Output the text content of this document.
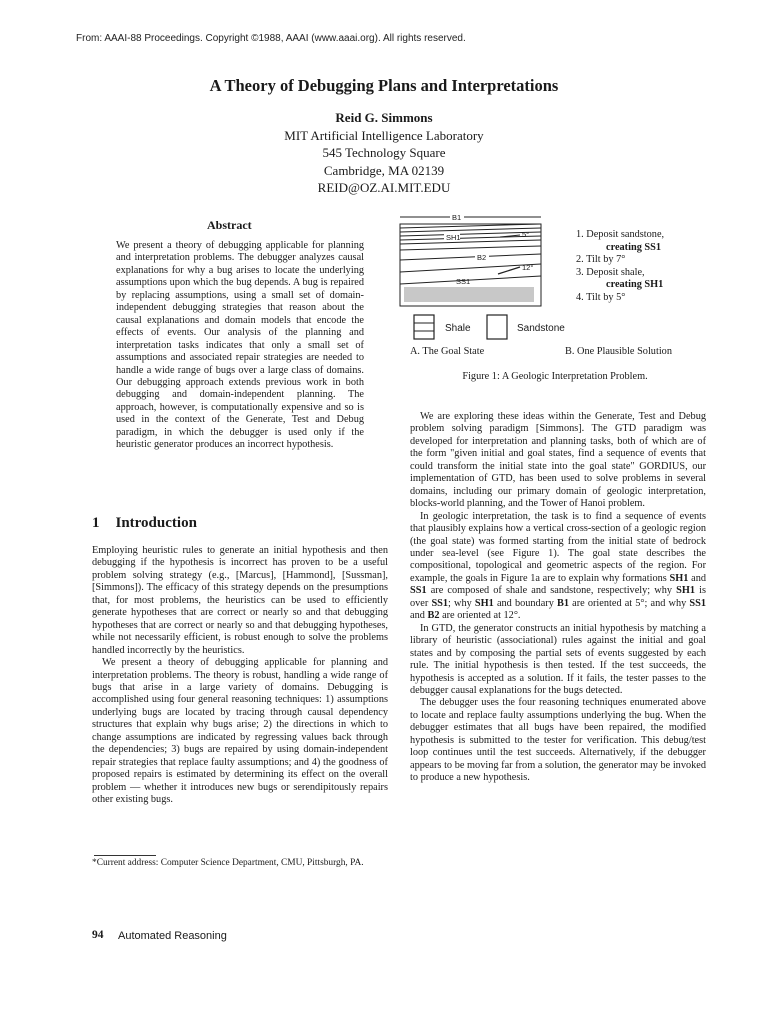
From: AAAI-88 Proceedings. Copyright ©1988, AAAI (www.aaai.org). All rights reserved.
A Theory of Debugging Plans and Interpretations
Reid G. Simmons
MIT Artificial Intelligence Laboratory
545 Technology Square
Cambridge, MA 02139
REID@OZ.AI.MIT.EDU
Abstract

We present a theory of debugging applicable for planning and interpretation problems. The debugger analyzes causal explanations for why a bug arises to locate the underlying assumptions upon which the bug depends. A bug is repaired by replacing assumptions, using a small set of domain-independent debugging strategies that reason about the causal explanations and domain models that encode the effects of events. Our analysis of the planning and interpretation tasks indicates that only a small set of assumptions and associated repair strategies are needed to handle a wide range of bugs over a large class of domains. Our debugging approach extends previous work in both debugging and domain-independent planning. The approach, however, is computationally expensive and so is used in the context of the Generate, Test and Debug paradigm, in which the debugger is used only if the heuristic generator produces an incorrect hypothesis.

1 Introduction

Employing heuristic rules to generate an initial hypothesis and then debugging if the hypothesis is incorrect has proven to be a useful problem solving strategy (e.g., [Marcus], [Hammond], [Sussman], [Simmons]). The efficacy of this strategy depends on the presumptions that, for most problems, the heuristics can be used to efficiently generate hypotheses that are correct or nearly so and that debugging hypotheses that are correct or nearly so and that debugging hypotheses, while not necessarily efficient, is robust enough to solve the problems handled incorrectly by the heuristics.

We present a theory of debugging applicable for planning and interpretation problems. The theory is robust, handling a wide range of bugs that arise in a large variety of domains. Debugging is accomplished using four general reasoning techniques: 1) assumptions underlying bugs are located by tracing through causal dependency structures that explain why bugs arise; 2) the directions in which to change assumptions are indicated by regressing values back through the dependencies; 3) bugs are repaired by using domain-independent repair strategies that replace faulty assumptions; and 4) the goodness of proposed repairs is estimated by determining its effect on the overall problem — whether it introduces new bugs or serendipitously repairs other existing bugs.

*Current address: Computer Science Department, CMU, Pittsburgh, PA.
94 Automated Reasoning
B1
SH1	5°
B2
12°
SS1
1. Deposit sandstone,
creating SS1
2. Tilt by 7°
3. Deposit shale,
creating SH1
4. Tilt by 5°
Shale	Sandstone
A. The Goal State	B. One Plausible Solution
Figure 1: A Geologic Interpretation Problem.

We are exploring these ideas within the Generate, Test and Debug problem solving paradigm [Simmons]. The GTD paradigm was developed for interpretation and planning tasks, both of which are of the form "given initial and goal states, find a sequence of events that could transform the initial state into the goal state" GORDIUS, our implementation of GTD, has been used to solve problems in several domains, including our primary domain of geologic interpretation, blocks-world planning, and the Tower of Hanoi problem.

In geologic interpretation, the task is to find a sequence of events that plausibly explains how a vertical cross-section of a geologic region (the goal state) was formed starting from the initial state of bedrock under sea-level (see Figure 1). The goal state describes the compositional, topological and geometric aspects of the region. For example, the goals in Figure 1a are to explain why formations SH1 and SS1 are composed of shale and sandstone, respectively; why SH1 is over SS1; why SH1 and boundary B1 are oriented at 5°; and why SS1 and B2 are oriented at 12°.

In GTD, the generator constructs an initial hypothesis by matching a library of heuristic (associational) rules against the initial and goal states and by composing the partial sets of events suggested by each rule. The initial hypothesis is then tested. If the test succeeds, the hypothesis is accepted as a solution. If it fails, the tester passes to the debugger causal explanations for the bugs detected.

The debugger uses the four reasoning techniques enumerated above to locate and replace faulty assumptions underlying the bug. When the debugger estimates that all bugs have been repaired, the modified hypothesis is submitted to the tester for verification. This debug/test loop continues until the test succeeds. Alternatively, if the debugger appears to be moving far from a solution, the generator may be invoked to produce a new hypothesis.
